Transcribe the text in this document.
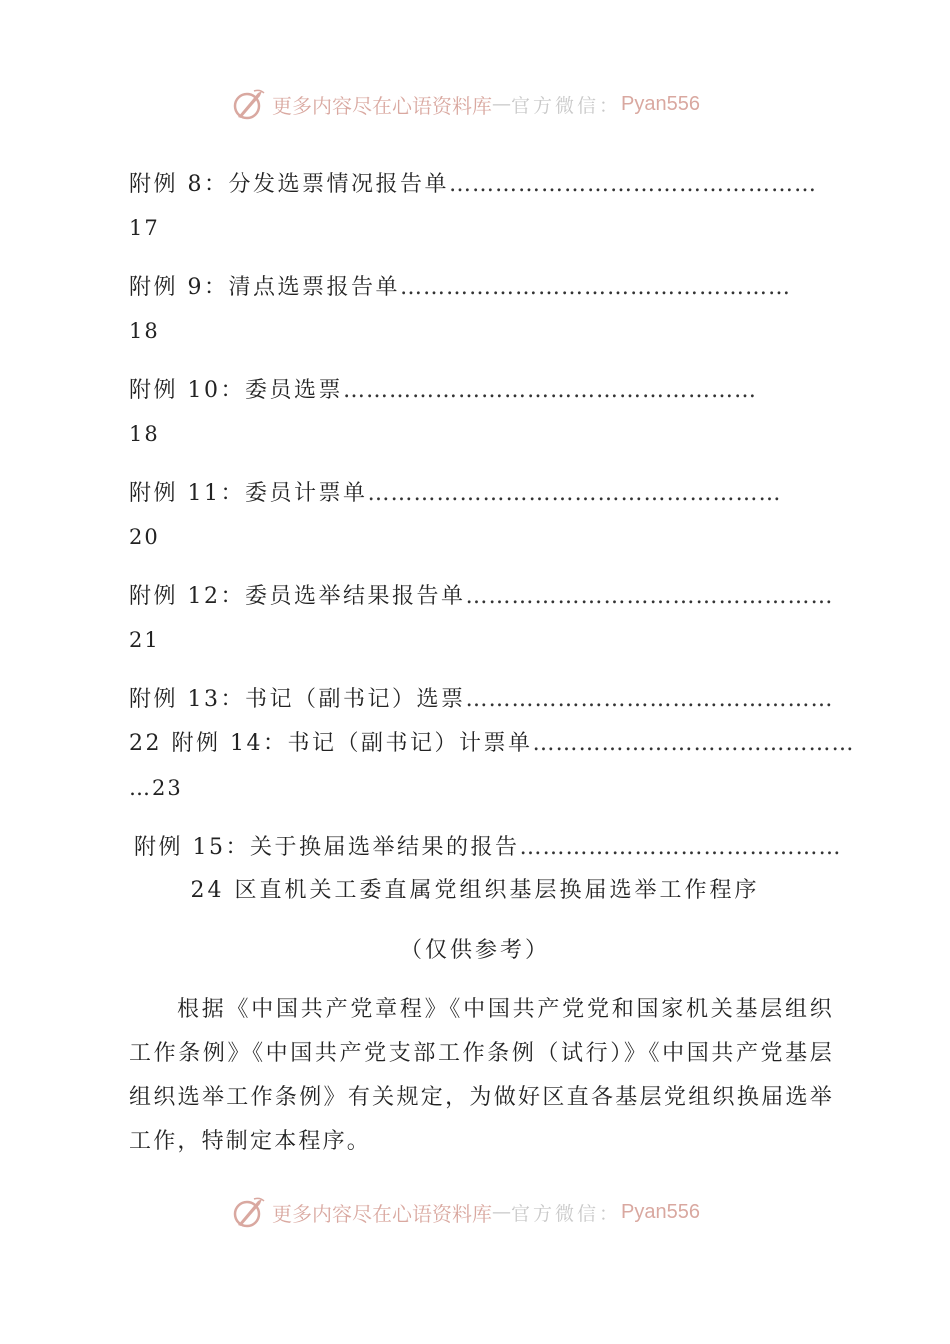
更多内容尽在心语资料库 — 官方微信： Pyan556
附例 8：分发选票情况报告单…………………………………………
17
附例 9：清点选票报告单……………………………………………
18
附例 10：委员选票………………………………………………
18
附例 11：委员计票单………………………………………………
20
附例 12：委员选举结果报告单…………………………………………
21
附例 13：书记（副书记）选票…………………………………………
22 附例 14：书记（副书记）计票单……………………………………
…23
附例 15：关于换届选举结果的报告……………………………………
24 区直机关工委直属党组织基层换届选举工作程序
（仅供参考）
根据《中国共产党章程》《中国共产党党和国家机关基层组织工作条例》《中国共产党支部工作条例（试行）》《中国共产党基层组织选举工作条例》有关规定，为做好区直各基层党组织换届选举工作，特制定本程序。
更多内容尽在心语资料库 — 官方微信： Pyan556
